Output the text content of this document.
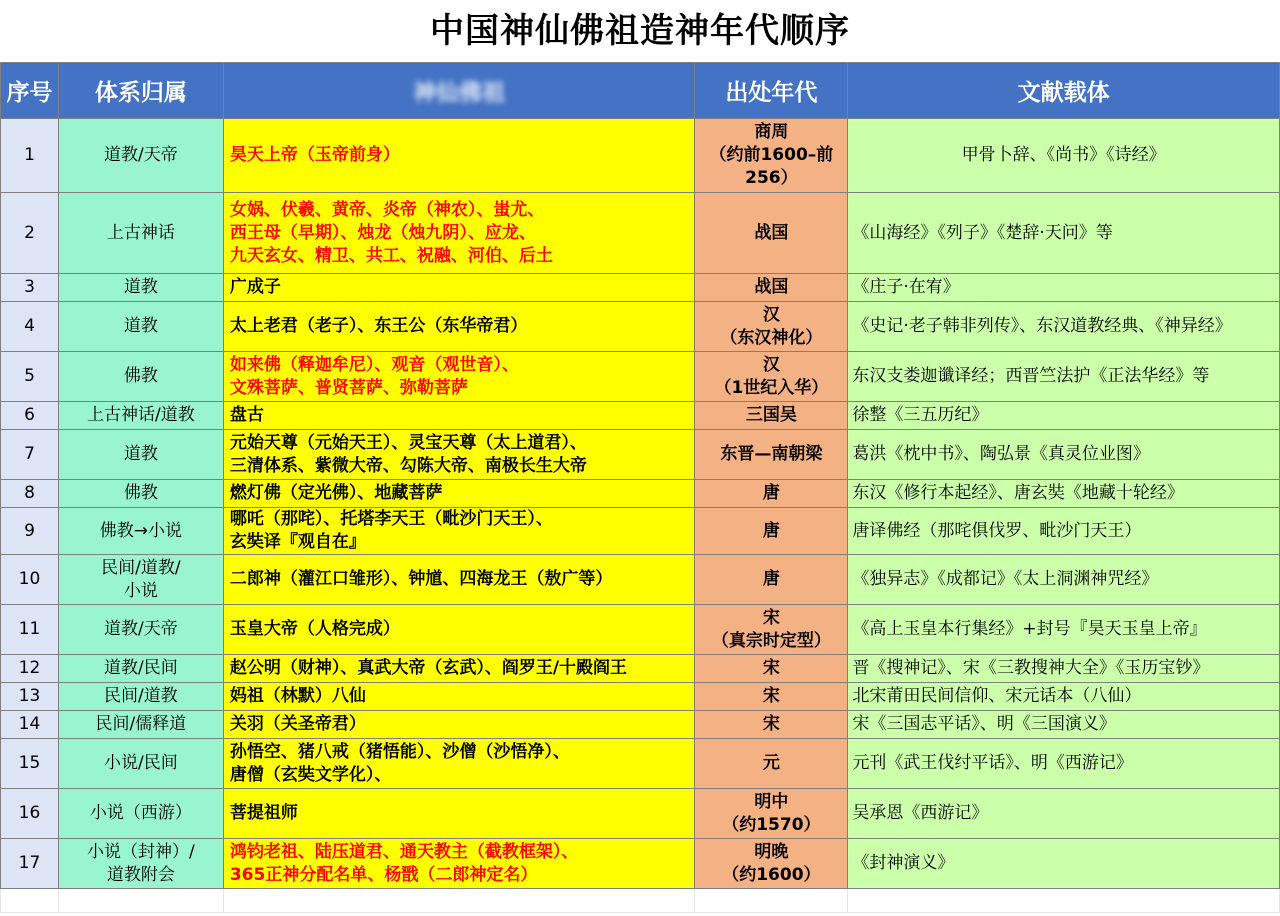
中国神仙佛祖造神年代顺序
序号	体系归属	神仙佛祖	出处年代	文献载体
1	道教/天帝	昊天上帝（玉帝前身）	商周
（约前1600–前
256）	甲骨卜辞、《尚书》《诗经》
2	上古神话	女娲、伏羲、黄帝、炎帝（神农）、蚩尤、
西王母（早期）、烛龙（烛九阴）、应龙、
九天玄女、精卫、共工、祝融、河伯、后土	战国	《山海经》《列子》《楚辞·天问》等
3	道教	广成子	战国	《庄子·在宥》
4	道教	太上老君（老子）、东王公（东华帝君）	汉
（东汉神化）	《史记·老子韩非列传》、东汉道教经典、《神异经》
5	佛教	如来佛（释迦牟尼）、观音（观世音）、
文殊菩萨、普贤菩萨、弥勒菩萨	汉
（1世纪入华）	东汉支娄迦谶译经；西晋竺法护《正法华经》等
6	上古神话/道教	盘古	三国吴	徐整《三五历纪》
7	道教	元始天尊（元始天王）、灵宝天尊（太上道君）、
三清体系、紫微大帝、勾陈大帝、南极长生大帝	东晋—南朝梁	葛洪《枕中书》、陶弘景《真灵位业图》
8	佛教	燃灯佛（定光佛）、地藏菩萨	唐	东汉《修行本起经》、唐玄奘《地藏十轮经》
9	佛教→小说	哪吒（那咤）、托塔李天王（毗沙门天王）、
玄奘译『观自在』	唐	唐译佛经（那咤俱伐罗、毗沙门天王）
10	民间/道教/
小说	二郎神（灌江口雏形）、钟馗、四海龙王（敖广等）	唐	《独异志》《成都记》《太上洞渊神咒经》
11	道教/天帝	玉皇大帝（人格完成）	宋
（真宗时定型）	《高上玉皇本行集经》+封号『昊天玉皇上帝』
12	道教/民间	赵公明（财神）、真武大帝（玄武）、阎罗王/十殿阎王	宋	晋《搜神记》、宋《三教搜神大全》《玉历宝钞》
13	民间/道教	妈祖（林默）八仙	宋	北宋莆田民间信仰、宋元话本（八仙）
14	民间/儒释道	关羽（关圣帝君）	宋	宋《三国志平话》、明《三国演义》
15	小说/民间	孙悟空、猪八戒（猪悟能）、沙僧（沙悟净）、
唐僧（玄奘文学化）、	元	元刊《武王伐纣平话》、明《西游记》
16	小说（西游）	菩提祖师	明中
（约1570）	吴承恩《西游记》
17	小说（封神）/
道教附会	鸿钧老祖、陆压道君、通天教主（截教框架）、
365正神分配名单、杨戬（二郎神定名）	明晚
（约1600）	《封神演义》
